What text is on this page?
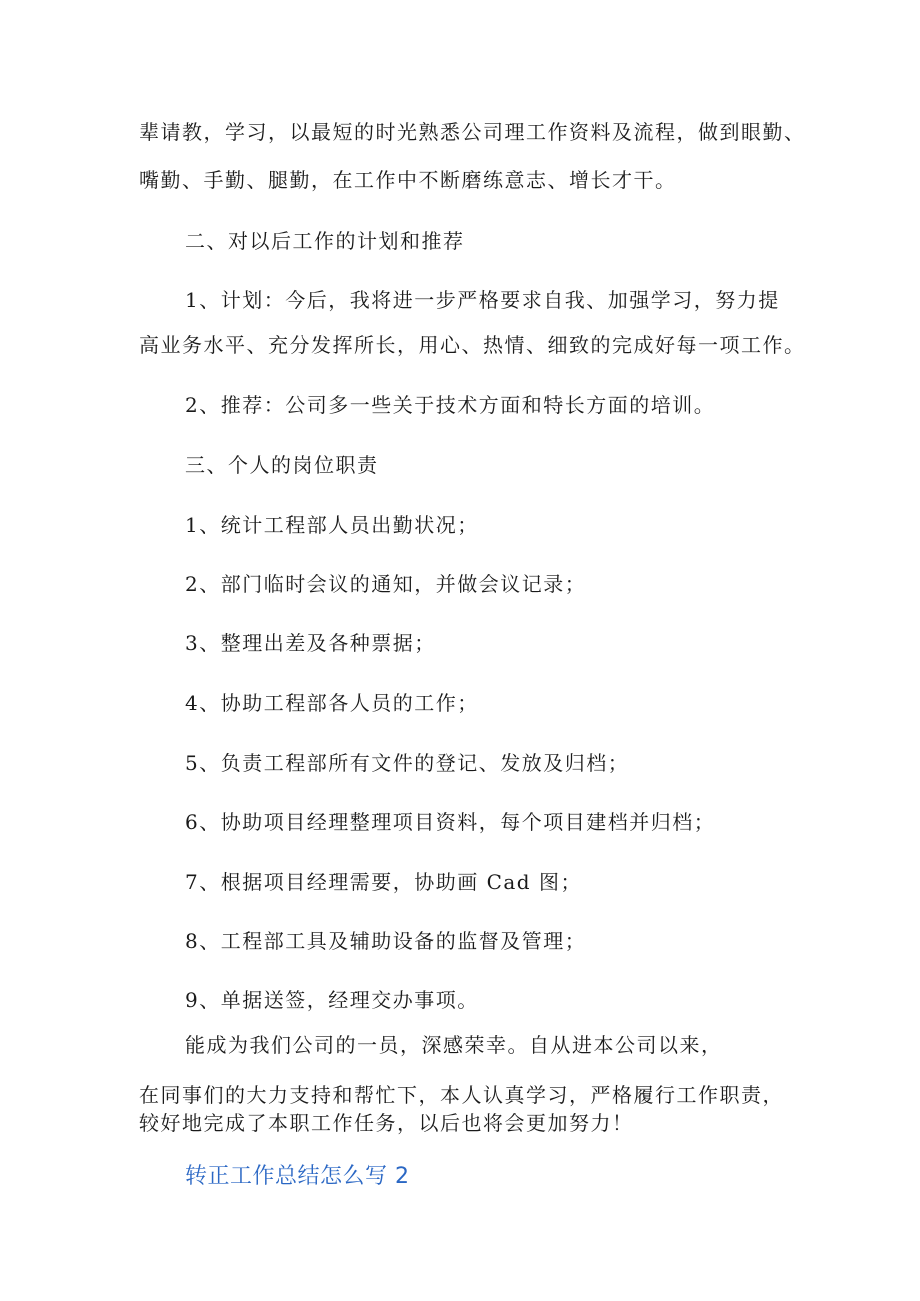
辈请教，学习，以最短的时光熟悉公司理工作资料及流程，做到眼勤、
嘴勤、手勤、腿勤，在工作中不断磨练意志、增长才干。
二、对以后工作的计划和推荐
1、计划：今后，我将进一步严格要求自我、加强学习，努力提
高业务水平、充分发挥所长，用心、热情、细致的完成好每一项工作。
2、推荐：公司多一些关于技术方面和特长方面的培训。
三、个人的岗位职责
1、统计工程部人员出勤状况；
2、部门临时会议的通知，并做会议记录；
3、整理出差及各种票据；
4、协助工程部各人员的工作；
5、负责工程部所有文件的登记、发放及归档；
6、协助项目经理整理项目资料，每个项目建档并归档；
7、根据项目经理需要，协助画 Cad 图；
8、工程部工具及辅助设备的监督及管理；
9、单据送签，经理交办事项。
能成为我们公司的一员，深感荣幸。自从进本公司以来，
在同事们的大力支持和帮忙下，本人认真学习，严格履行工作职责，
较好地完成了本职工作任务，以后也将会更加努力！
转正工作总结怎么写 2
